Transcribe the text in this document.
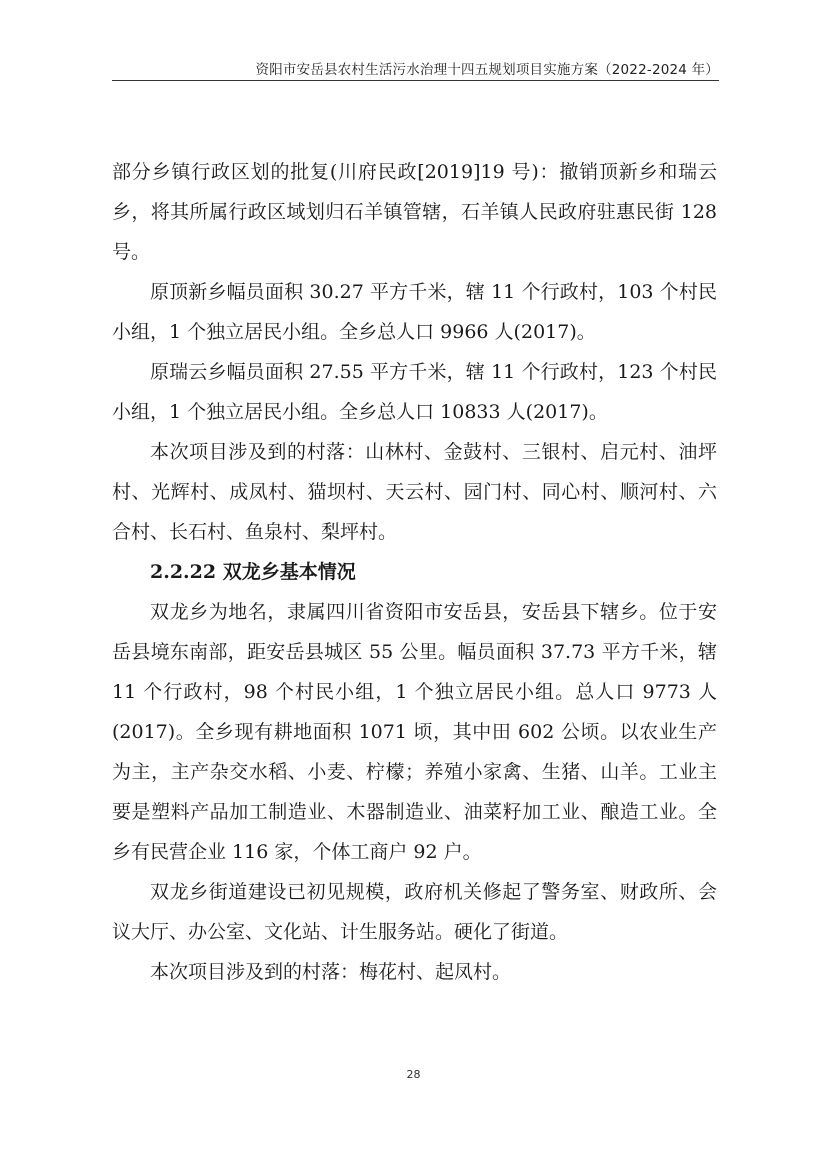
资阳市安岳县农村生活污水治理十四五规划项目实施方案（2022-2024 年）

部分乡镇行政区划的批复(川府民政[2019]19 号)：撤销顶新乡和瑞云乡，将其所属行政区域划归石羊镇管辖，石羊镇人民政府驻惠民街 128 号。

原顶新乡幅员面积 30.27 平方千米，辖 11 个行政村，103 个村民小组，1 个独立居民小组。全乡总人口 9966 人(2017)。

原瑞云乡幅员面积 27.55 平方千米，辖 11 个行政村，123 个村民小组，1 个独立居民小组。全乡总人口 10833 人(2017)。

本次项目涉及到的村落：山林村、金鼓村、三银村、启元村、油坪村、光辉村、成凤村、猫坝村、天云村、园门村、同心村、顺河村、六合村、长石村、鱼泉村、梨坪村。

2.2.22 双龙乡基本情况

双龙乡为地名，隶属四川省资阳市安岳县，安岳县下辖乡。位于安岳县境东南部，距安岳县城区 55 公里。幅员面积 37.73 平方千米，辖 11 个行政村，98 个村民小组，1 个独立居民小组。总人口 9773 人(2017)。全乡现有耕地面积 1071 顷，其中田 602 公顷。以农业生产为主，主产杂交水稻、小麦、柠檬；养殖小家禽、生猪、山羊。工业主要是塑料产品加工制造业、木器制造业、油菜籽加工业、酿造工业。全乡有民营企业 116 家，个体工商户 92 户。

双龙乡街道建设已初见规模，政府机关修起了警务室、财政所、会议大厅、办公室、文化站、计生服务站。硬化了街道。

本次项目涉及到的村落：梅花村、起凤村。

28
